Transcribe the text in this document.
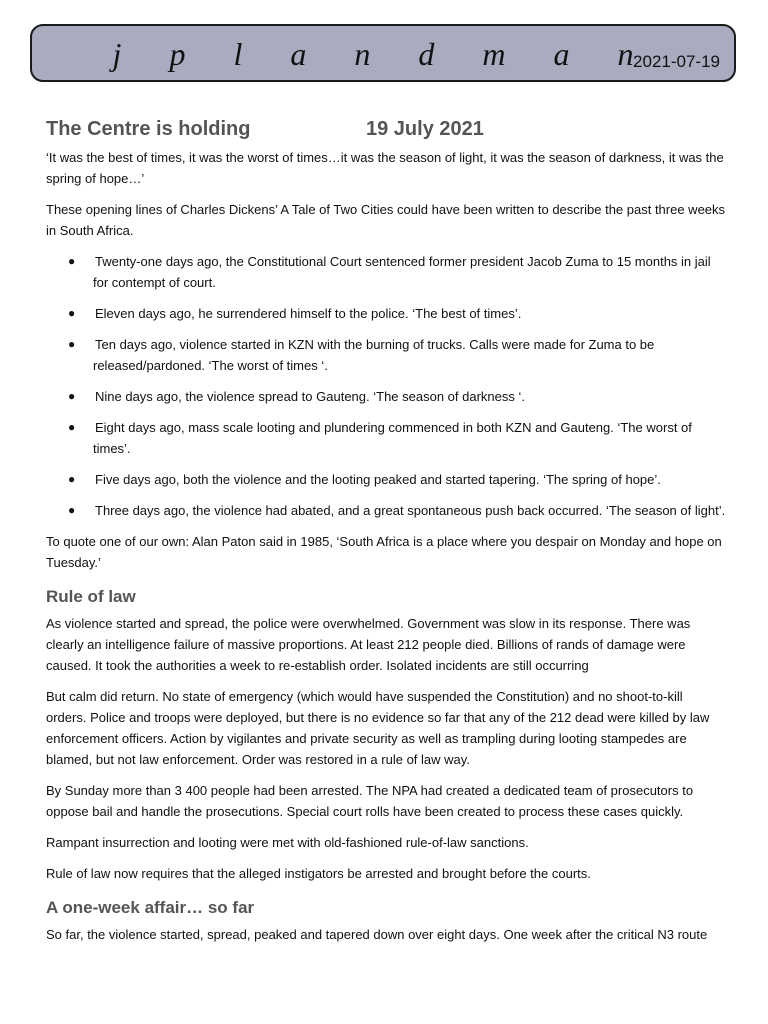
j p l a n d m a n
2021-07-19
The Centre is holding	19 July 2021

‘It was the best of times, it was the worst of times…it was the season of light, it was the season of darkness, it was the spring of hope…’

These opening lines of Charles Dickens’ A Tale of Two Cities could have been written to describe the past three weeks in South Africa.

● Twenty-one days ago, the Constitutional Court sentenced former president Jacob Zuma to 15 months in jail for contempt of court.
● Eleven days ago, he surrendered himself to the police. ‘The best of times’.
● Ten days ago, violence started in KZN with the burning of trucks. Calls were made for Zuma to be released/pardoned. ‘The worst of times ‘.
● Nine days ago, the violence spread to Gauteng. ‘The season of darkness ‘.
● Eight days ago, mass scale looting and plundering commenced in both KZN and Gauteng. ‘The worst of times’.
● Five days ago, both the violence and the looting peaked and started tapering. ‘The spring of hope’.
● Three days ago, the violence had abated, and a great spontaneous push back occurred. ‘The season of light’.

To quote one of our own: Alan Paton said in 1985, ‘South Africa is a place where you despair on Monday and hope on Tuesday.’

Rule of law

As violence started and spread, the police were overwhelmed. Government was slow in its response. There was clearly an intelligence failure of massive proportions. At least 212 people died. Billions of rands of damage were caused. It took the authorities a week to re-establish order. Isolated incidents are still occurring

But calm did return. No state of emergency (which would have suspended the Constitution) and no shoot-to-kill orders. Police and troops were deployed, but there is no evidence so far that any of the 212 dead were killed by law enforcement officers. Action by vigilantes and private security as well as trampling during looting stampedes are blamed, but not law enforcement. Order was restored in a rule of law way.

By Sunday more than 3 400 people had been arrested. The NPA had created a dedicated team of prosecutors to oppose bail and handle the prosecutions. Special court rolls have been created to process these cases quickly.

Rampant insurrection and looting were met with old-fashioned rule-of-law sanctions.

Rule of law now requires that the alleged instigators be arrested and brought before the courts.

A one-week affair… so far

So far, the violence started, spread, peaked and tapered down over eight days. One week after the critical N3 route
